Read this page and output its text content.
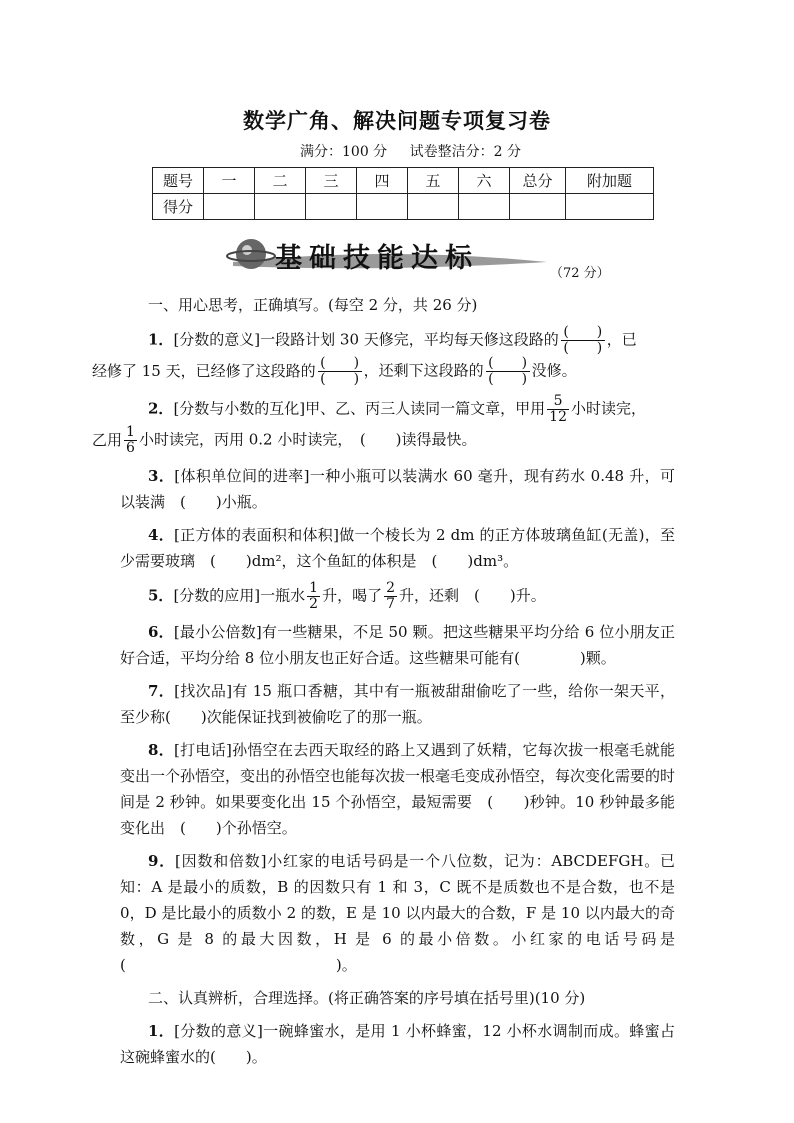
数学广角、解决问题专项复习卷
满分：100 分 试卷整洁分：2 分
题号	一	二	三	四	五	六	总分	附加题
得分								
基础技能达标	（72 分）
一、用心思考，正确填写。(每空 2 分，共 26 分)

1．[分数的意义]一段路计划 30 天修完，平均每天修这段路的 $\frac{( )}{( )}$ ，已
经修了 15 天，已经修了这段路的 $\frac{( )}{( )}$ ，还剩下这段路的 $\frac{( )}{( )}$ 没修。

2．[分数与小数的互化]甲、乙、丙三人读同一篇文章，甲用 $\frac{5}{12}$ 小时读完，
乙用 $\frac{1}{6}$ 小时读完，丙用 0.2 小时读完，　(　　)读得最快。

3．[体积单位间的进率]一种小瓶可以装满水 60 毫升，现有药水 0.48 升，可以装满　(　　)小瓶。

4．[正方体的表面积和体积]做一个棱长为 2 dm 的正方体玻璃鱼缸(无盖)，至少需要玻璃　(　　)dm²，这个鱼缸的体积是　(　　)dm³。

5．[分数的应用]一瓶水 $\frac{1}{2}$ 升，喝了 $\frac{2}{7}$ 升，还剩　(　　)升。

6．[最小公倍数]有一些糖果，不足 50 颗。把这些糖果平均分给 6 位小朋友正好合适，平均分给 8 位小朋友也正好合适。这些糖果可能有(　　　　)颗。

7．[找次品]有 15 瓶口香糖，其中有一瓶被甜甜偷吃了一些，给你一架天平，至少称(　　)次能保证找到被偷吃了的那一瓶。

8．[打电话]孙悟空在去西天取经的路上又遇到了妖精，它每次拔一根毫毛就能变出一个孙悟空，变出的孙悟空也能每次拔一根毫毛变成孙悟空，每次变化需要的时间是 2 秒钟。如果要变化出 15 个孙悟空，最短需要　(　　)秒钟。10 秒钟最多能变化出　(　　)个孙悟空。

9．[因数和倍数]小红家的电话号码是一个八位数，记为：ABCDEFGH。已知：A 是最小的质数，B 的因数只有 1 和 3，C 既不是质数也不是合数，也不是 0，D 是比最小的质数小 2 的数，E 是 10 以内最大的合数，F 是 10 以内最大的奇数，G 是 8 的最大因数，H 是 6 的最小倍数。小红家的电话号码是(　　　　　　　　　　　　　　)。

二、认真辨析，合理选择。(将正确答案的序号填在括号里)(10 分)

1．[分数的意义]一碗蜂蜜水，是用 1 小杯蜂蜜，12 小杯水调制而成。蜂蜜占这碗蜂蜜水的(　　)。
